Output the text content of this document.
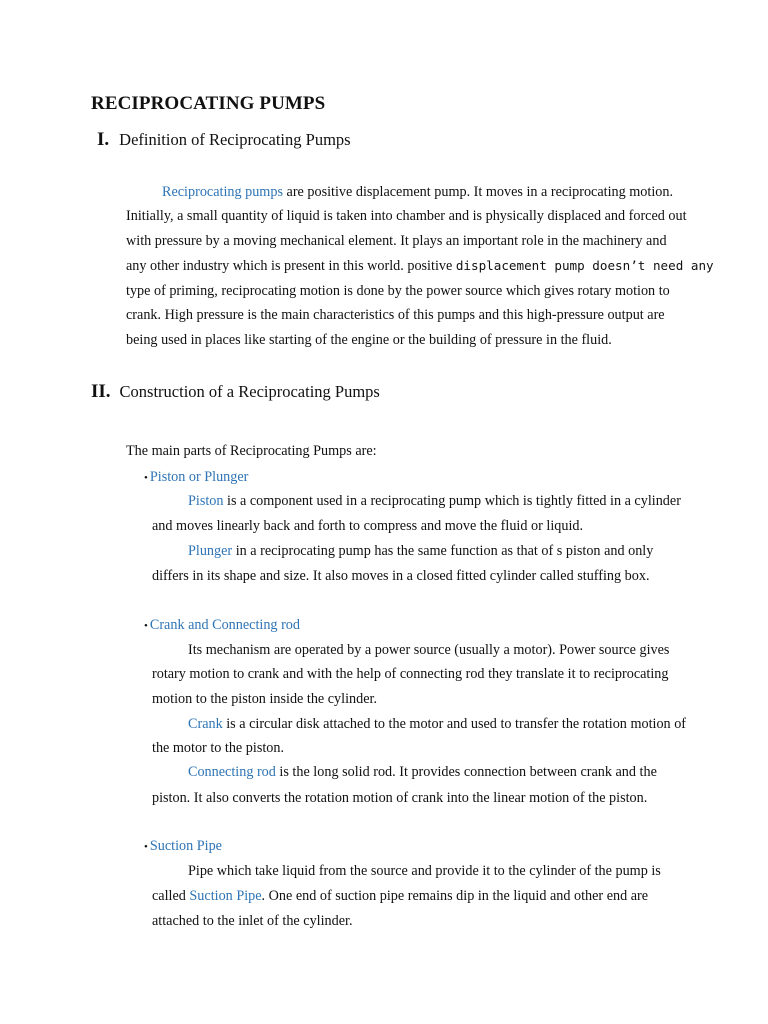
RECIPROCATING PUMPS
I. Definition of Reciprocating Pumps
Reciprocating pumps are positive displacement pump. It moves in a reciprocating motion.
Initially, a small quantity of liquid is taken into chamber and is physically displaced and forced out
with pressure by a moving mechanical element. It plays an important role in the machinery and
any other industry which is present in this world. positive displacement pump doesn’t need any
type of priming, reciprocating motion is done by the power source which gives rotary motion to
crank. High pressure is the main characteristics of this pumps and this high-pressure output are
being used in places like starting of the engine or the building of pressure in the fluid.
II. Construction of a Reciprocating Pumps
The main parts of Reciprocating Pumps are:
• Piston or Plunger
Piston is a component used in a reciprocating pump which is tightly fitted in a cylinder
and moves linearly back and forth to compress and move the fluid or liquid.
Plunger in a reciprocating pump has the same function as that of s piston and only
differs in its shape and size. It also moves in a closed fitted cylinder called stuffing box.
• Crank and Connecting rod
Its mechanism are operated by a power source (usually a motor). Power source gives
rotary motion to crank and with the help of connecting rod they translate it to reciprocating
motion to the piston inside the cylinder.
Crank is a circular disk attached to the motor and used to transfer the rotation motion of
the motor to the piston.
Connecting rod is the long solid rod. It provides connection between crank and the
piston. It also converts the rotation motion of crank into the linear motion of the piston.
• Suction Pipe
Pipe which take liquid from the source and provide it to the cylinder of the pump is
called Suction Pipe. One end of suction pipe remains dip in the liquid and other end are
attached to the inlet of the cylinder.
